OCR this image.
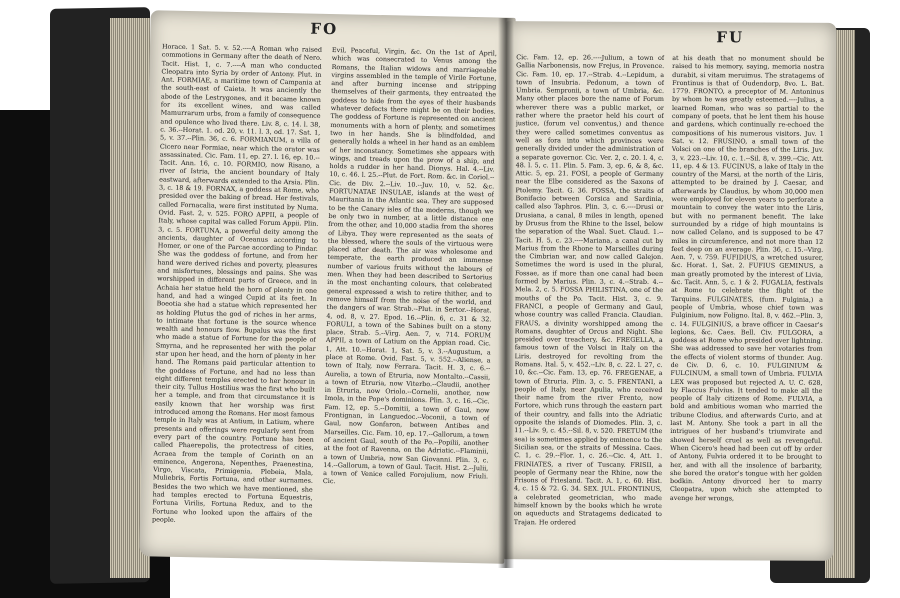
FO

Horace. 1 Sat. 5. v. 52.----A Roman who raised commotions in Germany after the death of Nero. Tacit. Hist. 1, c. 7.----A man who conducted Cleopatra into Syria by order of Antony. Plut. in Ant. FORMIAE, a maritime town of Campania at the south-east of Caieta. It was anciently the abode of the Lestrygones, and it became known for its excellent wines, and was called Mamurrarum urbs, from a family of consequence and opulence who lived there. Liv. 8, c. 14. l. 38, c. 36.--Horat. 1. od. 20, v. 11. l. 3, od. 17. Sat. 1, 5, v. 37.--Plin. 36, c. 6. FORMIANUM, a villa of Cicero near Formiae, near which the orator was assassinated. Cic. Fam. 11, ep. 27. l. 16, ep. 10.--Tacit. Ann. 16, c. 10. FORMIO, now Risano, a river of Istria, the ancient boundary of Italy eastward, afterwards extended to the Arsia. Plin. 3, c. 18 & 19. FORNAX, a goddess at Rome, who presided over the baking of bread. Her festivals, called Fornacalia, were first instituted by Numa. Ovid. Fast. 2, v. 525. FORO APPII, a people of Italy, whose capital was called Forum Appii. Plin. 3, c. 5. FORTUNA, a powerful deity among the ancients, daughter of Oceanus according to Homer, or one of the Parcae according to Pindar. She was the goddess of fortune, and from her hand were derived riches and poverty, pleasures and misfortunes, blessings and pains. She was worshipped in different parts of Greece, and in Achaia her statue held the horn of plenty in one hand, and had a winged Cupid at its feet. In Boeotia she had a statue which represented her as holding Plutus the god of riches in her arms, to intimate that fortune is the source whence wealth and honours flow. Bupalus was the first who made a statue of Fortune for the people of Smyrna, and he represented her with the polar star upon her head, and the horn of plenty in her hand. The Romans paid particular attention to the goddess of Fortune, and had no less than eight different temples erected to her honour in their city. Tullus Hostilius was the first who built her a temple, and from that circumstance it is easily known that her worship was first introduced among the Romans. Her most famous temple in Italy was at Antium, in Latium, where presents and offerings were regularly sent from every part of the country. Fortune has been called Phaerepolis, the protectress of cities, Acraea from the temple of Corinth on an eminence, Angerona, Nepenthes, Praenestina, Virgo, Viscata, Primigenia, Plebeia, Mala, Muliebris, Fortis Fortuna, and other surnames. Besides the two which we have mentioned, she had temples erected to Fortuna Equestris, Fortuna Virilis, Fortuna Redux, and to the Fortune who looked upon the affairs of the people.

Evil, Peaceful, Virgin, &c. On the 1st of April, which was consecrated to Venus among the Romans, the Italian widows and marriageable virgins assembled in the temple of Virile Fortune, and after burning incense and stripping themselves of their garments, they entreated the goddess to hide from the eyes of their husbands whatever defects there might be on their bodies. The goddess of Fortune is represented on ancient monuments with a horn of plenty, and sometimes two in her hands. She is blindfolded, and generally holds a wheel in her hand as an emblem of her inconstancy. Sometimes she appears with wings, and treads upon the prow of a ship, and holds a rudder in her hand. Dionys. Hal. 4.--Liv. 10, c. 46. l. 25.--Plut. de Fort. Rom. &c. in Coriol.--Cic. de Div. 2.--Liv. 10.--Juv. 10, v. 52. &c. FORTUNATAE INSULAE, islands at the west of Mauritania in the Atlantic sea. They are supposed to be the Canary isles of the moderns, though we be only two in number, at a little distance one from the other, and 10,000 stadia from the shores of Libya. They were represented as the seats of the blessed, where the souls of the virtuous were placed after death. The air was wholesome and temperate, the earth produced an immense number of various fruits without the labours of men. When they had been described to Sertorius in the most enchanting colours, that celebrated general expressed a wish to retire thither, and to remove himself from the noise of the world, and the dangers of war. Strab.--Plut. in Sertor.--Horat. 4, od. 8, v. 27. Epod. 16.--Plin. 6, c. 31 & 32. FORULI, a town of the Sabines built on a stony place. Strab. 5.--Virg. Aen. 7, v. 714. FORUM APPII, a town of Latium on the Appian road. Cic. 1, Att. 10.--Horat. 1, Sat. 5, v. 3.--Augustum, a place at Rome. Ovid. Fast. 5, v. 552.--Aliense, a town of Italy, now Ferrara. Tacit. H. 3, c. 6.--Aurelia, a town of Etruria, now Montalto.--Cassii, a town of Etruria, now Viterbo.--Claudii, another in Etruria, now Oriolo.--Cornelii, another, now Imola, in the Pope's dominions. Plin. 3, c. 16.--Cic. Fam. 12, ep. 5.--Domitii, a town of Gaul, now Frontignan, in Languedoc.--Voconii, a town of Gaul, now Gonfaron, between Antibes and Marseilles. Cic. Fam. 10, ep. 17.--Gallorum, a town of ancient Gaul, south of the Po.--Popilii, another at the foot of Ravenna, on the Adriatic.--Flaminii, a town of Umbria, now San Giovanni. Plin. 3, c. 14.--Gallorum, a town of Gaul. Tacit. Hist. 2.--Julii, a town of Venice called Forojulium, now Friuli. Cic.

FU

Cic. Fam. 12, ep. 26.----Julium, a town of Gallia Narbonensis, now Frejus, in Provence. Cic. Fam. 10, ep. 17.--Strab. 4.--Lepidum, a town of Insubria. Pedonum, a town of Umbria. Sempronii, a town of Umbria, &c. Many other places bore the name of Forum wherever there was a public market, or rather where the praetor held his court of justice, (forum vel conventus,) and thence they were called sometimes conventus as well as fora into which provinces were generally divided under the administration of a separate governor. Cic. Ver. 2, c. 20. l. 4, c. 48. l. 5, c. 11. Plin. 5. Fam. 3, ep. 6, & 8, &c. Attic. 5, ep. 21. FOSI, a people of Germany near the Elbe considered as the Saxons of Ptolemy. Tacit. G. 36. FOSSA, the straits of Bonifacio between Corsica and Sardinia, called also Taphros. Plin. 3, c. 6.----Drusi or Drusiana, a canal, 8 miles in length, opened by Drusus from the Rhine to the Issel, below the separation of the Waal. Suet. Claud. 1.--Tacit. H. 5, c. 23.----Mariana, a canal cut by Marius from the Rhone to Marseilles during the Cimbrian war, and now called Galejon. Sometimes the word is used in the plural, Fossae, as if more than one canal had been formed by Marius. Plin. 3, c. 4.--Strab. 4.--Mela. 2, c. 5. FOSSA PHILISTINA, one of the mouths of the Po. Tacit. Hist. 3, c. 9. FRANCI, a people of Germany and Gaul, whose country was called Francia. Claudian. FRAUS, a divinity worshipped among the Romans, daughter of Orcus and Night. She presided over treachery, &c. FREGELLA, a famous town of the Volsci in Italy on the Liris, destroyed for revolting from the Romans. Ital. 5, v. 452.--Liv. 8, c. 22. l. 27, c. 10, &c.--Cic. Fam. 13, ep. 76. FREGENAE, a town of Etruria. Plin. 3, c. 5. FRENTANI, a people of Italy, near Apulia, who received their name from the river Frento, now Fortore, which runs through the eastern part of their country, and falls into the Adriatic opposite the islands of Diomedes. Plin. 3, c. 11.--Liv. 9, c. 45.--Sil. 8, v. 520. FRETUM (the sea) is sometimes applied by eminence to the Sicilian sea, or the straits of Messina. Caes. C. 1, c. 29.--Flor. 1, c. 26.--Cic. 4, Att. 1. FRINIATES, a river of Tuscany. FRISII, a people of Germany near the Rhine, now the Frisons of Friesland. Tacit. A. 1, c. 60. Hist. 4, c. 15 & 72. G. 34. SEX. JUL. FRONTINUS, a celebrated geometrician, who made himself known by the books which he wrote on aqueducts and Stratagems dedicated to Trajan. He ordered

at his death that no monument should be raised to his memory, saying, memoria nostra durabit, si vitam meruimus. The stratagems of Frontinus is that of Oudendorp, 8vo. L. Bat. 1779. FRONTO, a preceptor of M. Antoninus by whom he was greatly esteemed.----Julius, a learned Roman, who was so partial to the company of poets, that he lent them his house and gardens, which continually re-echoed the compositions of his numerous visitors. Juv. 1 Sat. v. 12. FRUSINO, a small town of the Volsci on one of the branches of the Liris. Juv. 3, v. 223.--Liv. 10, c. 1.--Sil. 8, v. 399.--Cic. Att. 11, ep. 4 & 13. FUCINUS, a lake of Italy in the country of the Marsi, at the north of the Liris, attempted to be drained by J. Caesar, and afterwards by Claudius, by whom 30,000 men were employed for eleven years to perforate a mountain to convey the water into the Liris, but with no permanent benefit. The lake surrounded by a ridge of high mountains is now called Celano, and is supposed to be 47 miles in circumference, and not more than 12 feet deep on an average. Plin. 36, c. 15.--Virg. Aen. 7, v. 759. FUFIDIUS, a wretched usurer, &c. Horat. 1, Sat. 2. FUFIUS GEMINUS, a man greatly promoted by the interest of Livia, &c. Tacit. Ann. 5, c. 1 & 2. FUGALIA, festivals at Rome to celebrate the flight of the Tarquins. FULGINATES, (fum. Fulginia,) a people of Umbria, whose chief town was Fulginium, now Foligno. Ital. 8, v. 462.--Plin. 3, c. 14. FULGINIUS, a brave officer in Caesar's legions, &c. Caes. Bell. Civ. FULGORA, a goddess at Rome who presided over lightning. She was addressed to save her votaries from the effects of violent storms of thunder. Aug. de Civ. D. 6, c. 10. FULGINIUM & FULCINUM, a small town of Umbria. FULVIA LEX was proposed but rejected A. U. C. 628, by Flaccus Fulvius. It tended to make all the people of Italy citizens of Rome. FULVIA, a bold and ambitious woman who married the tribune Clodius, and afterwards Curio, and at last M. Antony. She took a part in all the intrigues of her husband's triumvirate and showed herself cruel as well as revengeful. When Cicero's head had been cut off by order of Antony, Fulvia ordered it to be brought to her, and with all the insolence of barbarity, she bored the orator's tongue with her golden bodkin. Antony divorced her to marry Cleopatra, upon which she attempted to avenge her wrongs,
